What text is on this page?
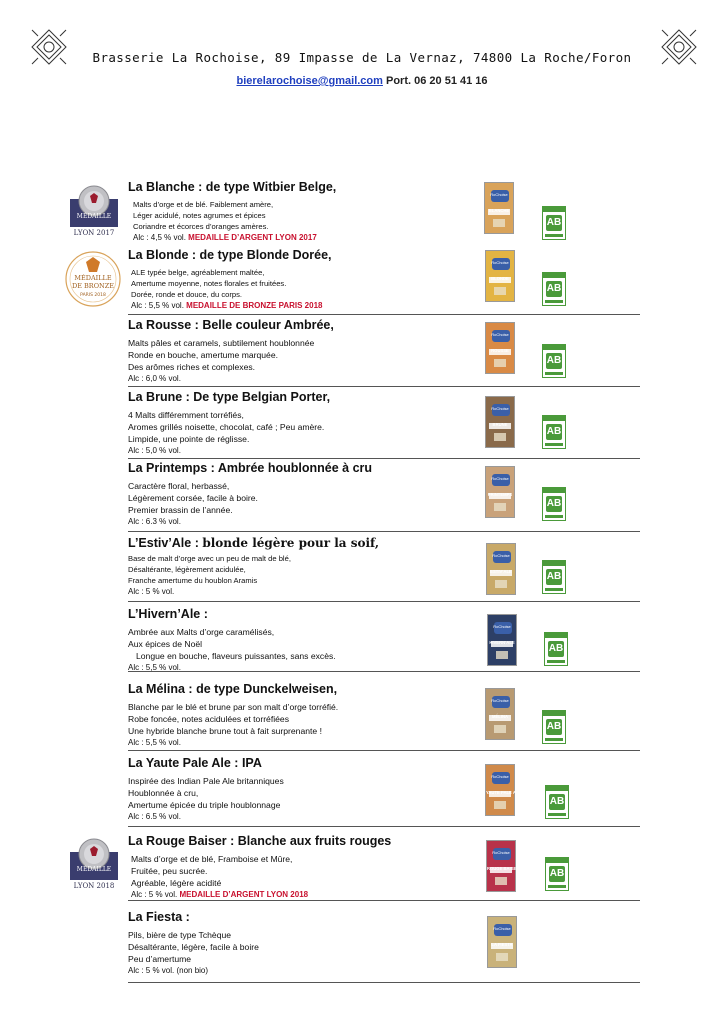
Brasserie La Rochoise, 89 Impasse de La Vernaz, 74800 La Roche/Foron
bierelarochoise@gmail.com Port. 06 20 51 41 16
MÉDAILLE
LYON 2017
MÉDAILLE
DE BRONZE
PARIS 2018
MÉDAILLE
LYON 2018
La Blanche : de type Witbier Belge,
Malts d’orge et de blé. Faiblement amère,
Léger acidulé, notes agrumes et épices
Coriandre et écorces d’oranges amères.
Alc : 4,5 % vol. MEDAILLE D’ARGENT LYON 2017
La Blonde : de type Blonde Dorée,
ALE typée belge, agréablement maltée,
Amertume moyenne, notes florales et fruitées.
Dorée, ronde et douce, du corps.
Alc : 5,5 % vol. MEDAILLE DE BRONZE PARIS 2018
La Rousse : Belle couleur Ambrée,
Malts pâles et caramels, subtilement houblonnée
Ronde en bouche, amertume marquée.
Des arômes riches et complexes.
Alc : 6,0 % vol.
La Brune : De type Belgian Porter,
4 Malts différemment torréfiés,
Aromes grillés noisette, chocolat, café ; Peu amère.
Limpide, une pointe de réglisse.
Alc : 5,0 % vol.
La Printemps : Ambrée houblonnée à cru
Caractère floral, herbassé,
Légèrement corsée, facile à boire.
Premier brassin de l’année.
Alc : 6.3 % vol.
L’Estiv’Ale : blonde légère pour la soif,
Base de malt d’orge avec un peu de malt de blé,
Désaltérante, légèrement acidulée,
Franche amertume du houblon Aramis
Alc : 5 % vol.
L’Hivern’Ale :
Ambrée aux Malts d’orge caramélisés,
Aux épices de Noël
Longue en bouche, flaveurs puissantes, sans excès.
Alc : 5,5 % vol.
La Mélina : de type Dunckelweisen,
Blanche par le blé et brune par son malt d’orge torréfié.
Robe foncée, notes acidulées et torréfiées
Une hybride blanche brune tout à fait surprenante !
Alc : 5,5 % vol.
La Yaute Pale Ale : IPA
Inspirée des Indian Pale Ale britanniques
Houblonnée à cru,
Amertume épicée du triple houblonnage
Alc : 6.5 % vol.
La Rouge Baiser : Blanche aux fruits rouges
Malts d’orge et de blé, Framboise et Mûre,
Fruitée, peu sucrée.
Agréable, légère acidité
Alc : 5 % vol. MEDAILLE D’ARGENT LYON 2018
La Fiesta :
Pils, bière de type Tchèque
Désaltérante, légère, facile à boire
Peu d’amertume
Alc : 5 % vol. (non bio)
RoChoise
BLANCHE
RoChoise
BLONDE
RoChoise
ROUSSE
RoChoise
BRUNE
RoChoise
PRINTEMPS
RoChoise
ESTIV’ALE
RoChoise
HIVERN’ALE
RoChoise
MÉLINA
RoChoise
YAUTE PALE ALE
RoChoise
ROUGE BAISER
RoChoise
LA FIESTA
AB
AB
AB
AB
AB
AB
AB
AB
AB
AB
